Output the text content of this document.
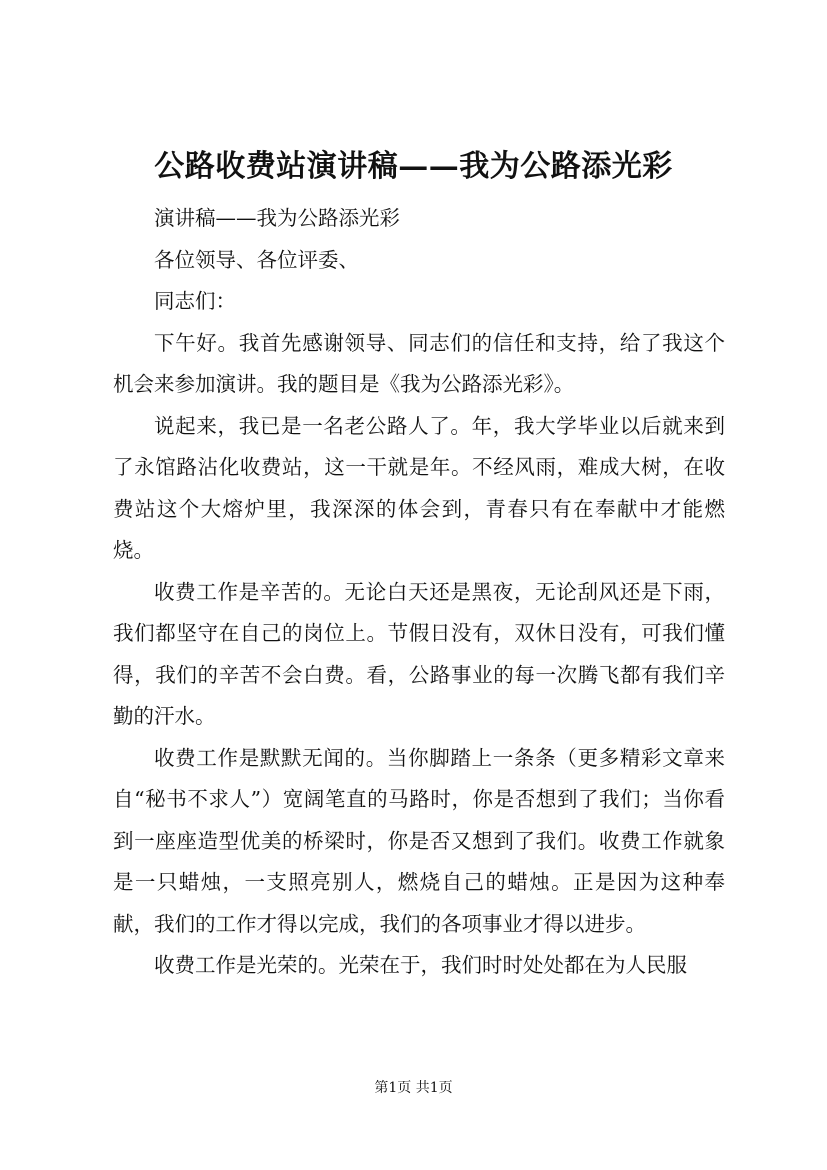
公路收费站演讲稿——我为公路添光彩

演讲稿——我为公路添光彩

各位领导、各位评委、

同志们：

下午好。我首先感谢领导、同志们的信任和支持，给了我这个机会来参加演讲。我的题目是《我为公路添光彩》。

说起来，我已是一名老公路人了。年，我大学毕业以后就来到了永馆路沾化收费站，这一干就是年。不经风雨，难成大树，在收费站这个大熔炉里，我深深的体会到，青春只有在奉献中才能燃烧。

收费工作是辛苦的。无论白天还是黑夜，无论刮风还是下雨，我们都坚守在自己的岗位上。节假日没有，双休日没有，可我们懂得，我们的辛苦不会白费。看，公路事业的每一次腾飞都有我们辛勤的汗水。

收费工作是默默无闻的。当你脚踏上一条条（更多精彩文章来自“秘书不求人”）宽阔笔直的马路时，你是否想到了我们；当你看到一座座造型优美的桥梁时，你是否又想到了我们。收费工作就象是一只蜡烛，一支照亮别人，燃烧自己的蜡烛。正是因为这种奉献，我们的工作才得以完成，我们的各项事业才得以进步。

收费工作是光荣的。光荣在于，我们时时处处都在为人民服

第1页 共1页
